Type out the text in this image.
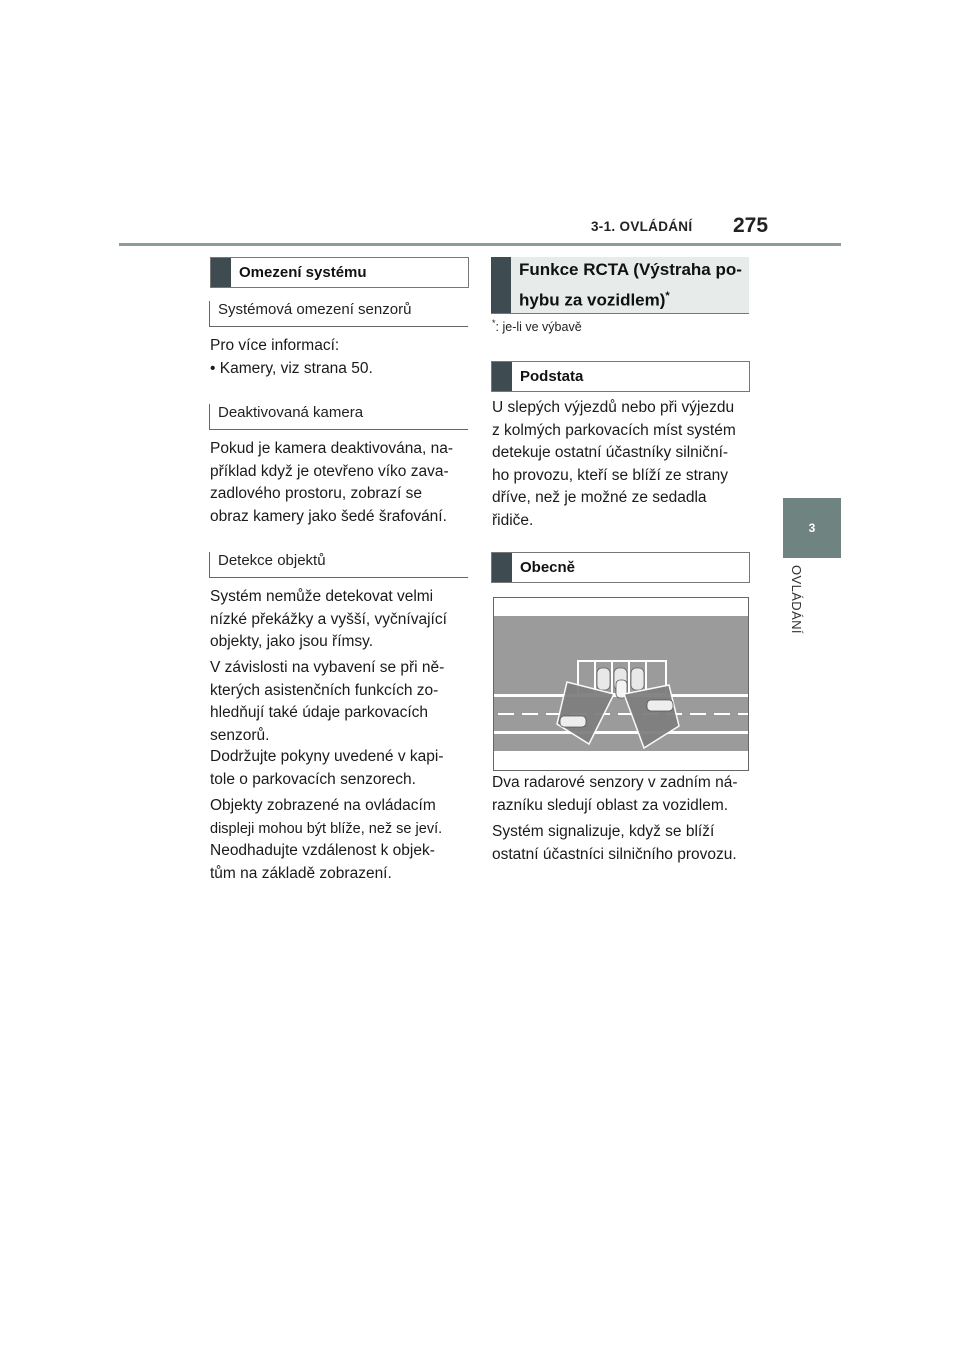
3-1. OVLÁDÁNÍ 275
3
OVLÁDÁNÍ
Omezení systému
Systémová omezení senzorů

Pro více informací:

• Kamery, viz strana 50.

Deaktivovaná kamera

Pokud je kamera deaktivována, na-

příklad když je otevřeno víko zava-

zadlového prostoru, zobrazí se

obraz kamery jako šedé šrafování.

Detekce objektů

Systém nemůže detekovat velmi

nízké překážky a vyšší, vyčnívající

objekty, jako jsou římsy.

V závislosti na vybavení se při ně-

kterých asistenčních funkcích zo-

hledňují také údaje parkovacích

senzorů.

Dodržujte pokyny uvedené v kapi-

tole o parkovacích senzorech.

Objekty zobrazené na ovládacím

displeji mohou být blíže, než se jeví.

Neodhadujte vzdálenost k objek-

tům na základě zobrazení.

Funkce RCTA (Výstraha po-
hybu za vozidlem)*
*: je-li ve výbavě
Podstata

U slepých výjezdů nebo při výjezdu

z kolmých parkovacích míst systém

detekuje ostatní účastníky silniční-

ho provozu, kteří se blíží ze strany

dříve, než je možné ze sedadla

řidiče.

Obecně

Dva radarové senzory v zadním ná-

razníku sledují oblast za vozidlem.

Systém signalizuje, když se blíží

ostatní účastníci silničního provozu.
